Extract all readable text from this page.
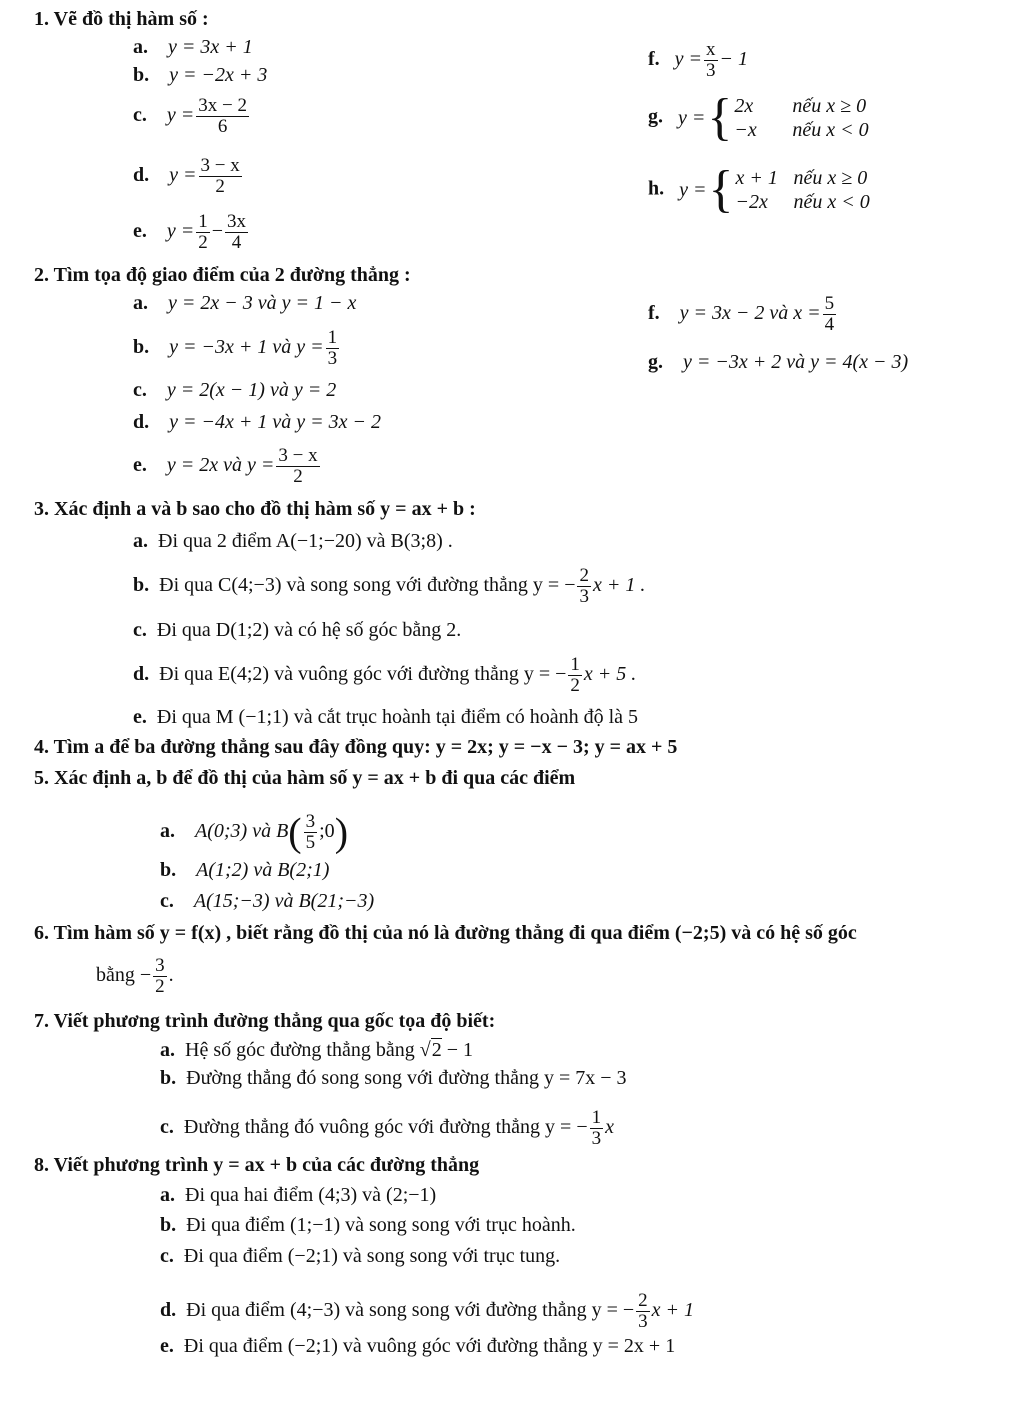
1. Vẽ đồ thị hàm số :
a. y = 3x + 1
b. y = −2x + 3
c. $y = \frac{3x - 2}{6}$
d. $y = \frac{3 - x}{2}$
e. $y = \frac{1}{2} - \frac{3x}{4}$
f. $y = \frac{x}{3} - 1$
g. y = { 2x nếu x ≥ 0
−x nếu x < 0
h. y = { x + 1 nếu x ≥ 0
−2x nếu x < 0
2. Tìm tọa độ giao điểm của 2 đường thẳng :
a. y = 2x − 3 và y = 1 − x
b. y = −3x + 1 và $y = \frac{1}{3}$
c. y = 2(x − 1) và y = 2
d. y = −4x + 1 và y = 3x − 2
e. y = 2x và $y = \frac{3 - x}{2}$
f. y = 3x − 2 và $x = \frac{5}{4}$
g. y = −3x + 2 và y = 4(x − 3)
3. Xác định a và b sao cho đồ thị hàm số y = ax + b :
a. Đi qua 2 điểm A(−1;−20) và B(3;8) .
b. Đi qua C(4;−3) và song song với đường thẳng y = − $\frac{2}{3}$ x + 1 .
c. Đi qua D(1;2) và có hệ số góc bằng 2.
d. Đi qua E(4;2) và vuông góc với đường thẳng y = − $\frac{1}{2}$ x + 5 .
e. Đi qua M (−1;1) và cắt trục hoành tại điểm có hoành độ là 5
4. Tìm a để ba đường thẳng sau đây đồng quy: y = 2x; y = −x − 3; y = ax + 5
5. Xác định a, b để đồ thị của hàm số y = ax + b đi qua các điểm
a. A(0;3) và $B( \frac{3}{5}$ ;0)
b. A(1;2) và B(2;1)
c. A(15;−3) và B(21;−3)
6. Tìm hàm số y = f(x) , biết rằng đồ thị của nó là đường thẳng đi qua điểm (−2;5) và có hệ số góc
bằng − $\frac{3}{2}$ .
7. Viết phương trình đường thẳng qua gốc tọa độ biết:
a. Hệ số góc đường thẳng bằng √2 − 1
b. Đường thẳng đó song song với đường thẳng y = 7x − 3
c. Đường thẳng đó vuông góc với đường thẳng y = − $\frac{1}{3}$ x
8. Viết phương trình y = ax + b của các đường thẳng
a. Đi qua hai điểm (4;3) và (2;−1)
b. Đi qua điểm (1;−1) và song song với trục hoành.
c. Đi qua điểm (−2;1) và song song với trục tung.
d. Đi qua điểm (4;−3) và song song với đường thẳng y = − $\frac{2}{3}$ x + 1
e. Đi qua điểm (−2;1) và vuông góc với đường thẳng y = 2x + 1
